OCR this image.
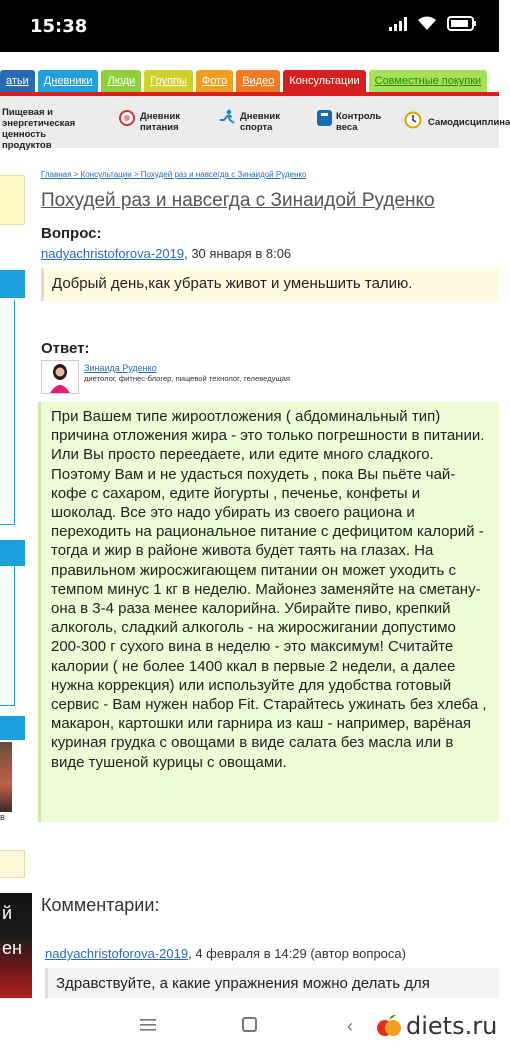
15:38
атьи	Дневники	Люди	Группы	Фото	Видео	Консультации	Совместные покупки
Пищевая и энергетическая ценность продуктов
Дневник питания
Дневник спорта
Контроль веса	Самодисциплина
в
й
ен
Главная > Консультации > Похудей раз и навсегда с Зинаидой Руденко
Похудей раз и навсегда с Зинаидой Руденко
Вопрос:
nadyachristoforova-2019, 30 января в 8:06
Добрый день,как убрать живот и уменьшить талию.
Ответ:
Зинаида Руденко
диетолог, фитнес-блогер, пищевой технолог, телеведущая
При Вашем типе жироотложения ( абдоминальный тип) причина отложения жира - это только погрешности в питании. Или Вы просто переедаете, или едите много сладкого. Поэтому Вам и не удасться похудеть , пока Вы пьёте чай-кофе с сахаром, едите йогурты , печенье, конфеты и шоколад. Все это надо убирать из своего рациона и переходить на рациональное питание с дефицитом калорий - тогда и жир в районе живота будет таять на глазах. На правильном жиросжигающем питании он может уходить с темпом минус 1 кг в неделю. Майонез заменяйте на сметану- она в 3-4 раза менее калорийна. Убирайте пиво, крепкий алкоголь, сладкий алкоголь - на жиросжигании допустимо 200-300 г сухого вина в неделю - это максимум! Считайте калории ( не более 1400 ккал в первые 2 недели, а далее нужна коррекция) или используйте для удобства готовый сервис - Вам нужен набор Fit. Старайтесь ужинать без хлеба , макарон, картошки или гарнира из каш - например, варёная куриная грудка с овощами в виде салата без масла или в виде тушеной курицы с овощами.
Комментарии:
nadyachristoforova-2019, 4 февраля в 14:29 (автор вопроса)
Здравствуйте, а какие упражнения можно делать для
‹ diets.ru
